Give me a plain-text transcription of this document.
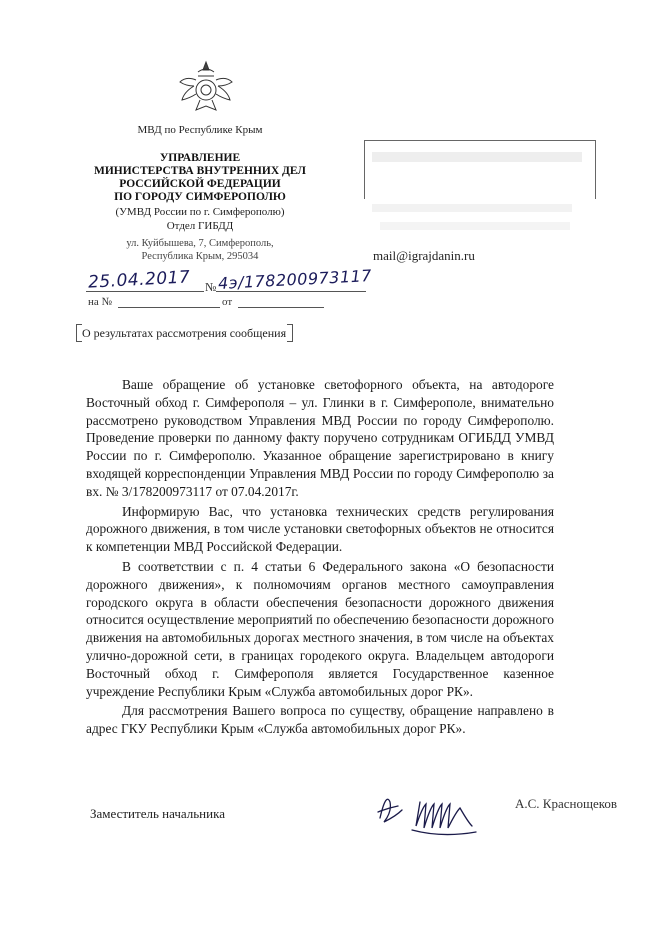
МВД по Республике Крым
УПРАВЛЕНИЕ
МИНИСТЕРСТВА ВНУТРЕННИХ ДЕЛ
РОССИЙСКОЙ ФЕДЕРАЦИИ
ПО ГОРОДУ СИМФЕРОПОЛЮ
(УМВД России по г. Симферополю)
Отдел ГИБДД
ул. Куйбышева, 7, Симферополь,
Республика Крым, 295034	mail@igrajdanin.ru
25.04.2017 № 4э/178200973117
на №	от
О результатах рассмотрения сообщения

Ваше обращение об установке светофорного объекта, на автодороге Восточный обход г. Симферополя – ул. Глинки в г. Симферополе, внимательно рассмотрено руководством Управления МВД России по городу Симферополю. Проведение проверки по данному факту поручено сотрудникам ОГИБДД УМВД России по г. Симферополю. Указанное обращение зарегистрировано в книгу входящей корреспонденции Управления МВД России по городу Симферополю за вх. № 3/178200973117 от 07.04.2017г.

Информирую Вас, что установка технических средств регулирования дорожного движения, в том числе установки светофорных объектов не относится к компетенции МВД Российской Федерации.

В соответствии с п. 4 статьи 6 Федерального закона «О безопасности дорожного движения», к полномочиям органов местного самоуправления городского округа в области обеспечения безопасности дорожного движения относится осуществление мероприятий по обеспечению безопасности дорожного движения на автомобильных дорогах местного значения, в том числе на объектах улично-дорожной сети, в границах городекого округа. Владельцем автодороги Восточный обход г. Симферополя является Государственное казенное учреждение Республики Крым «Служба автомобильных дорог РК».

Для рассмотрения Вашего вопроса по существу, обращение направлено в адрес ГКУ Республики Крым «Служба автомобильных дорог РК».

Заместитель начальника
А.С. Краснощеков
